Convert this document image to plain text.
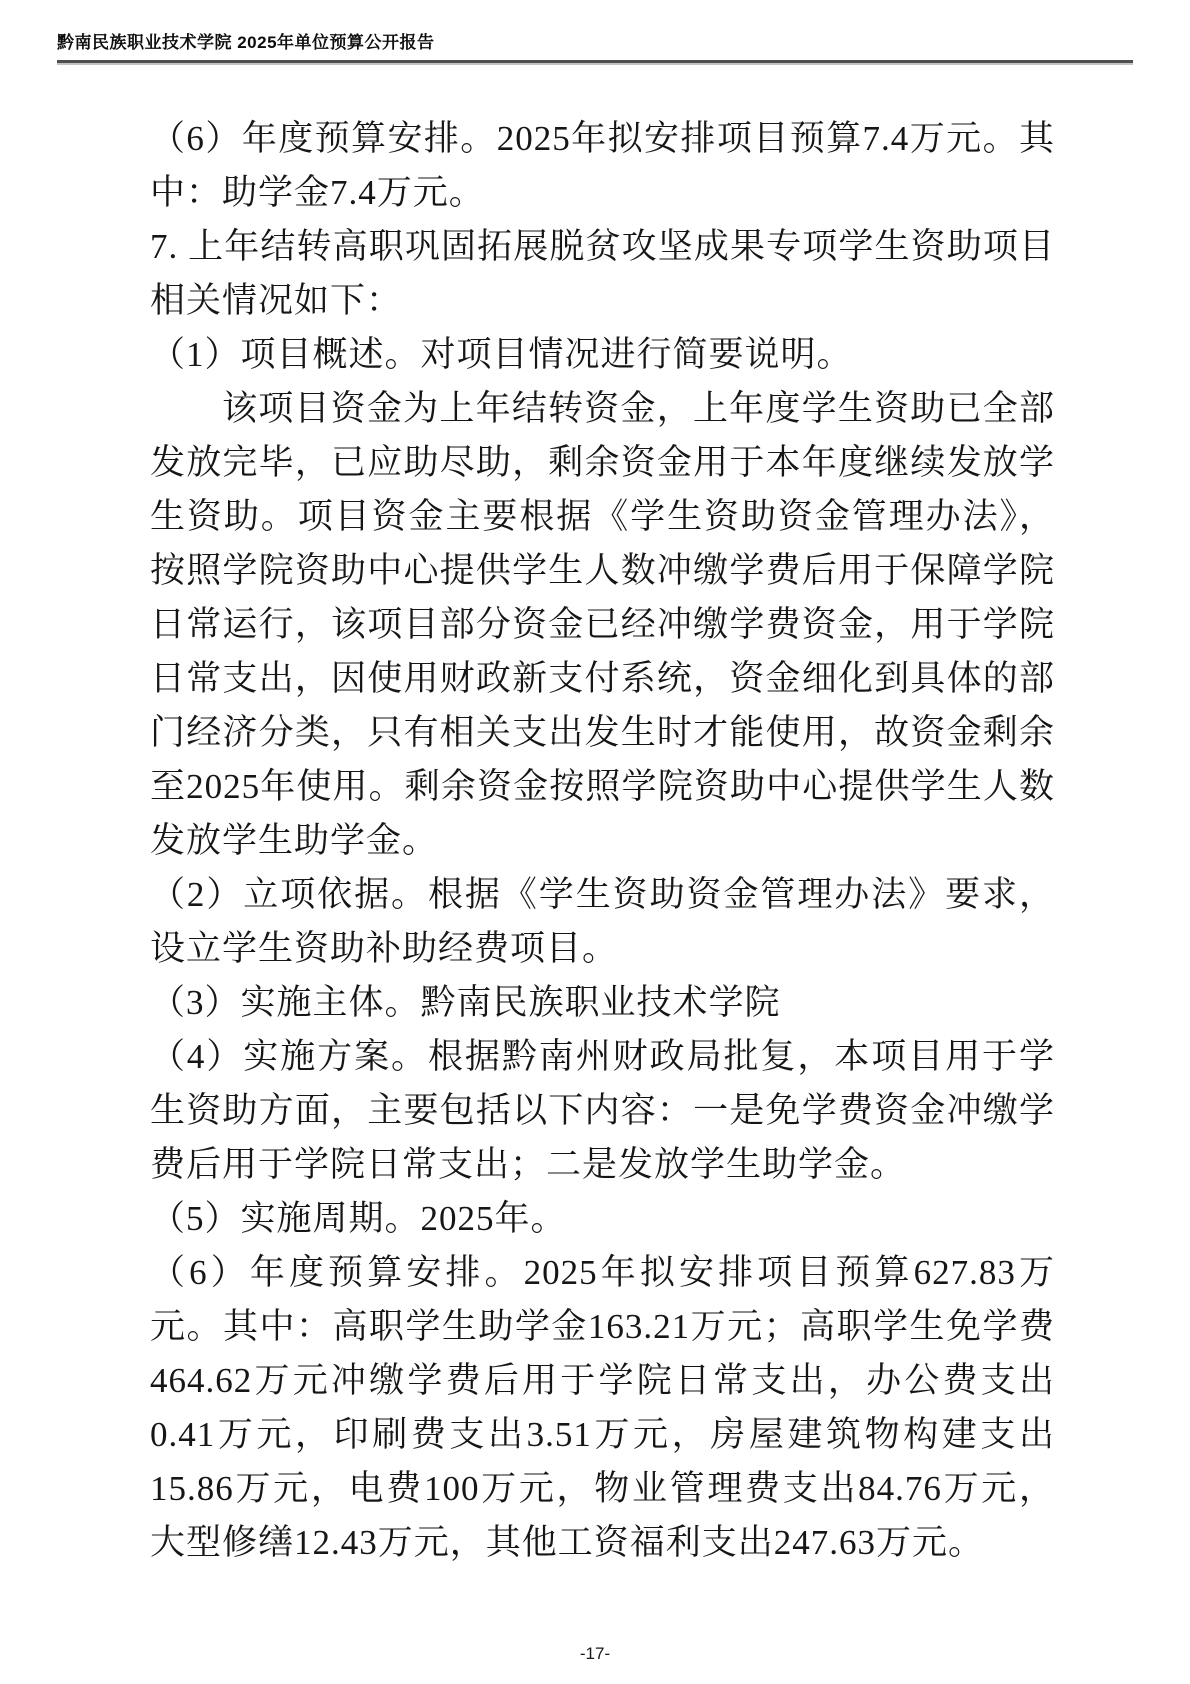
黔南民族职业技术学院 2025年单位预算公开报告

（6）年度预算安排。2025年拟安排项目预算7.4万元。其中：助学金7.4万元。

7. 上年结转高职巩固拓展脱贫攻坚成果专项学生资助项目相关情况如下：

（1）项目概述。对项目情况进行简要说明。

该项目资金为上年结转资金，上年度学生资助已全部发放完毕，已应助尽助，剩余资金用于本年度继续发放学生资助。项目资金主要根据《学生资助资金管理办法》，按照学院资助中心提供学生人数冲缴学费后用于保障学院日常运行，该项目部分资金已经冲缴学费资金，用于学院日常支出，因使用财政新支付系统，资金细化到具体的部门经济分类，只有相关支出发生时才能使用，故资金剩余至2025年使用。剩余资金按照学院资助中心提供学生人数发放学生助学金。

（2）立项依据。根据《学生资助资金管理办法》要求，设立学生资助补助经费项目。

（3）实施主体。黔南民族职业技术学院

（4）实施方案。根据黔南州财政局批复，本项目用于学生资助方面，主要包括以下内容：一是免学费资金冲缴学费后用于学院日常支出；二是发放学生助学金。

（5）实施周期。2025年。

（6）年度预算安排。2025年拟安排项目预算627.83万元。其中：高职学生助学金163.21万元；高职学生免学费464.62万元冲缴学费后用于学院日常支出，办公费支出0.41万元，印刷费支出3.51万元，房屋建筑物构建支出15.86万元，电费100万元，物业管理费支出84.76万元，大型修缮12.43万元，其他工资福利支出247.63万元。

-17-
